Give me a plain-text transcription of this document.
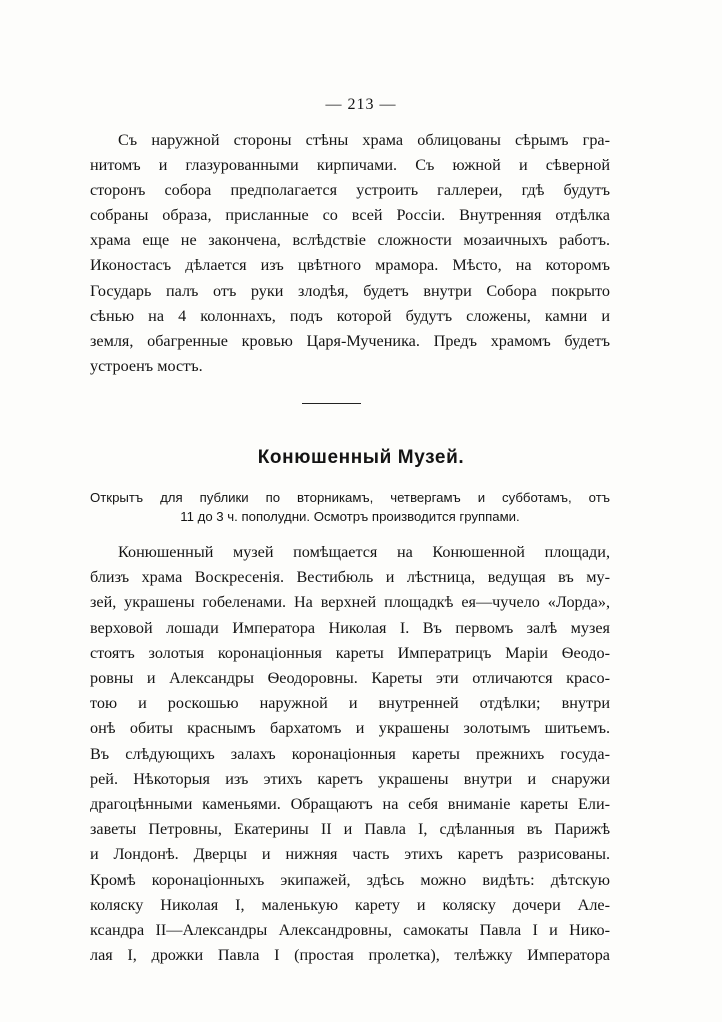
— 213 —
Съ наружной стороны стѣны храма облицованы сѣрымъ гра-
нитомъ и глазурованными кирпичами. Съ южной и сѣверной
сторонъ собора предполагается устроить галлереи, гдѣ будутъ
собраны образа, присланные со всей Россіи. Внутренняя отдѣлка
храма еще не закончена, вслѣдствіе сложности мозаичныхъ работъ.
Иконостасъ дѣлается изъ цвѣтного мрамора. Мѣсто, на которомъ
Государь палъ отъ руки злодѣя, будетъ внутри Собора покрыто
сѣнью на 4 колоннахъ, подъ которой будутъ сложены, камни и
земля, обагренные кровью Царя-Мученика. Предъ храмомъ будетъ
устроенъ мостъ.
Конюшенный Музей.
Открытъ для публики по вторникамъ, четвергамъ и субботамъ, отъ
11 до 3 ч. пополудни. Осмотръ производится группами.
Конюшенный музей помѣщается на Конюшенной площади,
близъ храма Воскресенія. Вестибюль и лѣстница, ведущая въ му-
зей, украшены гобеленами. На верхней площадкѣ ея—чучело «Лорда»,
верховой лошади Императора Николая I. Въ первомъ залѣ музея
стоятъ золотыя коронаціонныя кареты Императрицъ Маріи Ѳеодо-
ровны и Александры Ѳеодоровны. Кареты эти отличаются красо-
тою и роскошью наружной и внутренней отдѣлки; внутри
онѣ обиты краснымъ бархатомъ и украшены золотымъ шитьемъ.
Въ слѣдующихъ залахъ коронаціонныя кареты прежнихъ госуда-
рей. Нѣкоторыя изъ этихъ каретъ украшены внутри и снаружи
драгоцѣнными каменьями. Обращаютъ на себя вниманіе кареты Ели-
заветы Петровны, Екатерины II и Павла I, сдѣланныя въ Парижѣ
и Лондонѣ. Дверцы и нижняя часть этихъ каретъ разрисованы.
Кромѣ коронаціонныхъ экипажей, здѣсь можно видѣть: дѣтскую
коляску Николая I, маленькую карету и коляску дочери Але-
ксандра II—Александры Александровны, самокаты Павла I и Нико-
лая I, дрожки Павла I (простая пролетка), телѣжку Императора
